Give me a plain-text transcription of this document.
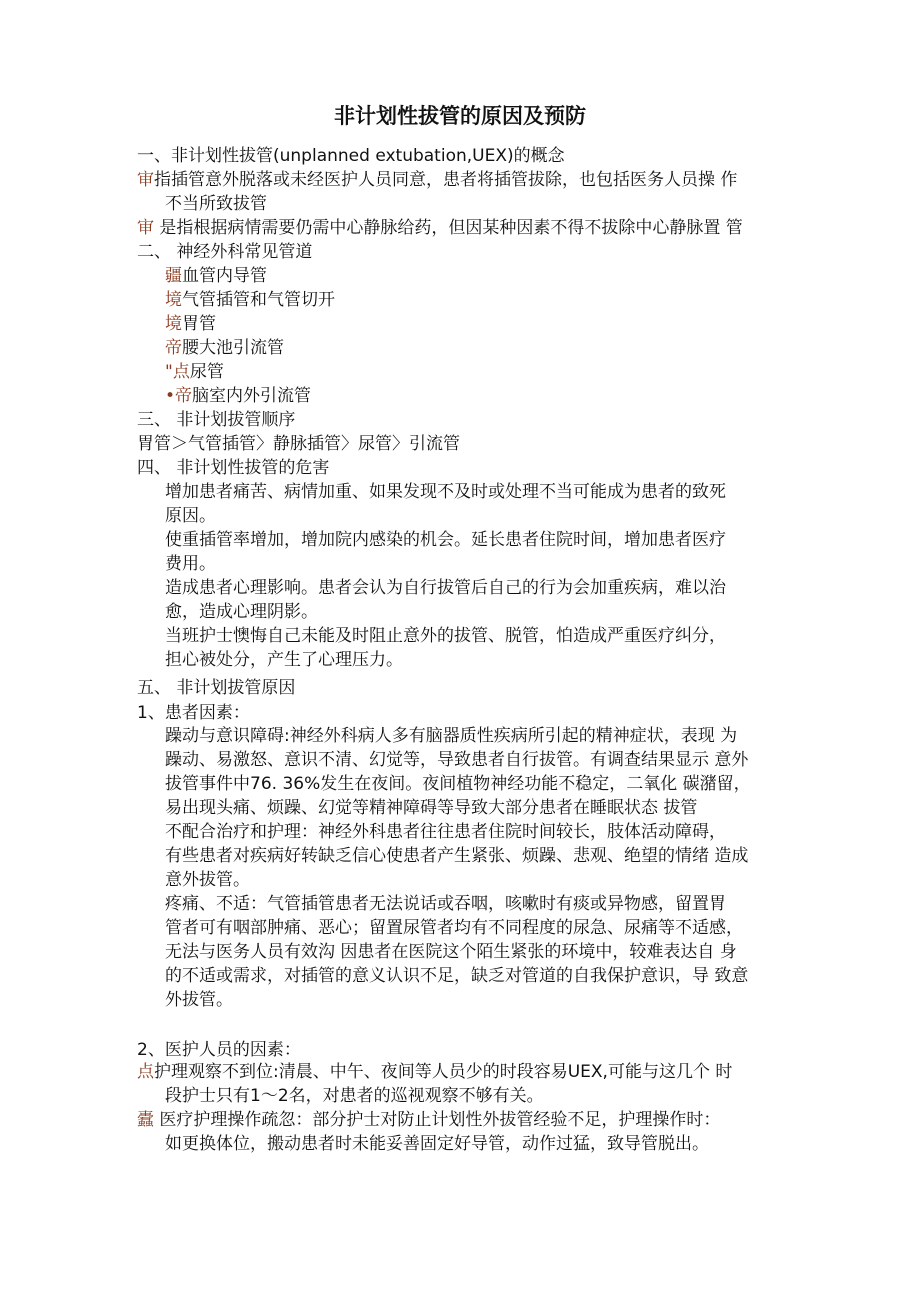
非计划性拔管的原因及预防
一、非计划性拔管(unplanned extubation,UEX)的概念
审指插管意外脱落或未经医护人员同意，患者将插管拔除，也包括医务人员操 作
不当所致拔管
审 是指根据病情需要仍需中心静脉给药，但因某种因素不得不拔除中心静脉置 管
二、 神经外科常见管道
疆血管内导管
境气管插管和气管切开
境胃管
帝腰大池引流管
"点尿管
•帝脑室内外引流管
三、 非计划拔管顺序
胃管＞气管插管〉静脉插管〉尿管〉引流管
四、 非计划性拔管的危害
增加患者痛苦、病情加重、如果发现不及时或处理不当可能成为患者的致死
原因。
使重插管率增加，增加院内感染的机会。延长患者住院时间，增加患者医疗
费用。
造成患者心理影响。患者会认为自行拔管后自己的行为会加重疾病，难以治
愈，造成心理阴影。
当班护士懊悔自己未能及时阻止意外的拔管、脱管，怕造成严重医疗纠分，
担心被处分，产生了心理压力。
五、 非计划拔管原因
1、患者因素：
躁动与意识障碍:神经外科病人多有脑器质性疾病所引起的精神症状，表现 为
躁动、易激怒、意识不清、幻觉等，导致患者自行拔管。有调查结果显示 意外
拔管事件中76. 36%发生在夜间。夜间植物神经功能不稳定，二氧化 碳潴留，
易出现头痛、烦躁、幻觉等精神障碍等导致大部分患者在睡眠状态 拔管
不配合治疗和护理：神经外科患者往往患者住院时间较长，肢体活动障碍，
有些患者对疾病好转缺乏信心使患者产生紧张、烦躁、悲观、绝望的情绪 造成
意外拔管。
疼痛、不适：气管插管患者无法说话或吞咽，咳嗽时有痰或异物感，留置胃
管者可有咽部肿痛、恶心；留置尿管者均有不同程度的尿急、尿痛等不适感，
无法与医务人员有效沟 因患者在医院这个陌生紧张的环境中，较难表达自 身
的不适或需求，对插管的意义认识不足，缺乏对管道的自我保护意识，导 致意
外拔管。
2、医护人员的因素：
点护理观察不到位:清晨、中午、夜间等人员少的时段容易UEX,可能与这几个 时
段护士只有1〜2名，对患者的巡视观察不够有关。
蠹 医疗护理操作疏忽：部分护士对防止计划性外拔管经验不足，护理操作时：
如更换体位，搬动患者时未能妥善固定好导管，动作过猛，致导管脱出。
